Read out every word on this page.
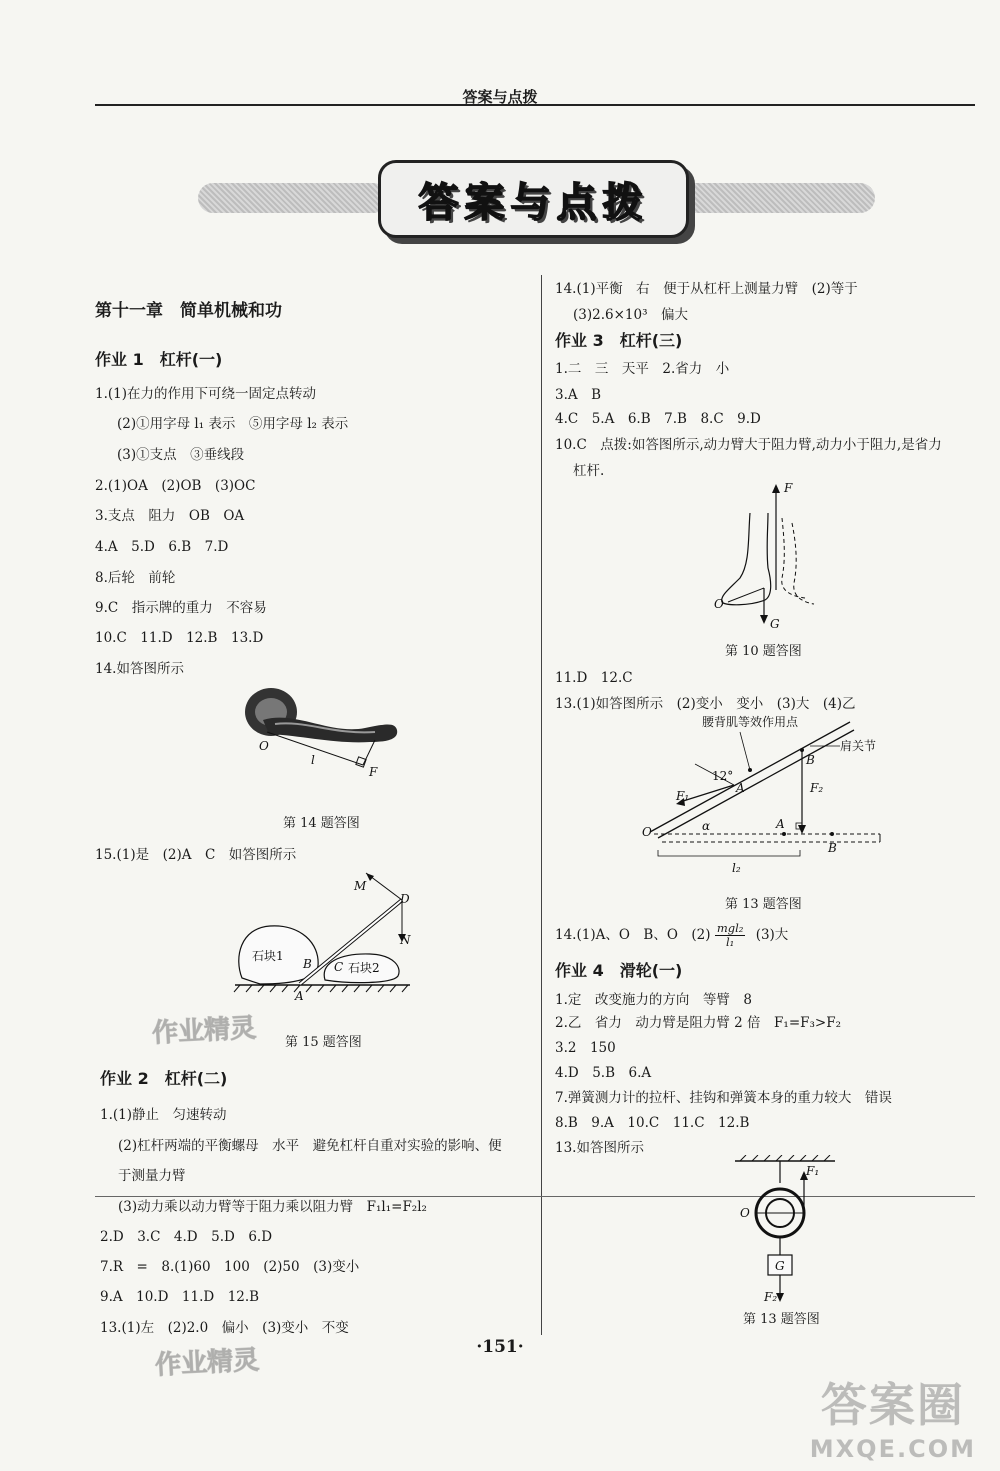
答案与点拨
答案与点拨
第十一章　简单机械和功
作业 1　杠杆(一)
1.(1)在力的作用下可绕一固定点转动
(2)①用字母 l₁ 表示　⑤用字母 l₂ 表示
(3)①支点　③垂线段
2.(1)OA　(2)OB　(3)OC
3.支点　阻力　OB　OA
4.A　5.D　6.B　7.D
8.后轮　前轮
9.C　指示牌的重力　不容易
10.C　11.D　12.B　13.D
14.如答图所示
O
l
F
第 14 题答图
15.(1)是　(2)A　C　如答图所示
M
D
N
石块1
石块2
B C
A
第 15 题答图
作业 2　杠杆(二)
1.(1)静止　匀速转动
(2)杠杆两端的平衡螺母　水平　避免杠杆自重对实验的影响、便
于测量力臂
(3)动力乘以动力臂等于阻力乘以阻力臂　F₁l₁=F₂l₂
2.D　3.C　4.D　5.D　6.D
7.R　=　8.(1)60　100　(2)50　(3)变小
9.A　10.D　11.D　12.B
13.(1)左　(2)2.0　偏小　(3)变小　不变
14.(1)平衡　右　便于从杠杆上测量力臂　(2)等于
(3)2.6×10³　偏大
作业 3　杠杆(三)
1.二　三　天平　2.省力　小
3.A　B
4.C　5.A　6.B　7.B　8.C　9.D
10.C　点拨:如答图所示,动力臂大于阻力臂,动力小于阻力,是省力
杠杆.
F
O
G
第 10 题答图
11.D　12.C
13.(1)如答图所示　(2)变小　变小　(3)大　(4)乙
腰背肌等效作用点
肩关节
B
12°
A
F₁
F₂
O	α	A
B
l₂
第 13 题答图
14.(1)A、O　B、O　(2) mgl₂
l₁	(3)大
作业 4　滑轮(一)
1.定　改变施力的方向　等臂　8
2.乙　省力　动力臂是阻力臂 2 倍　F₁=F₃>F₂
3.2　150
4.D　5.B　6.A
7.弹簧测力计的拉杆、挂钩和弹簧本身的重力较大　错误
8.B　9.A　10.C　11.C　12.B
13.如答图所示
F₁
O
G
F₂
第 13 题答图
·151·
作业精灵
作业精灵
答案圈
MXQE.COM
